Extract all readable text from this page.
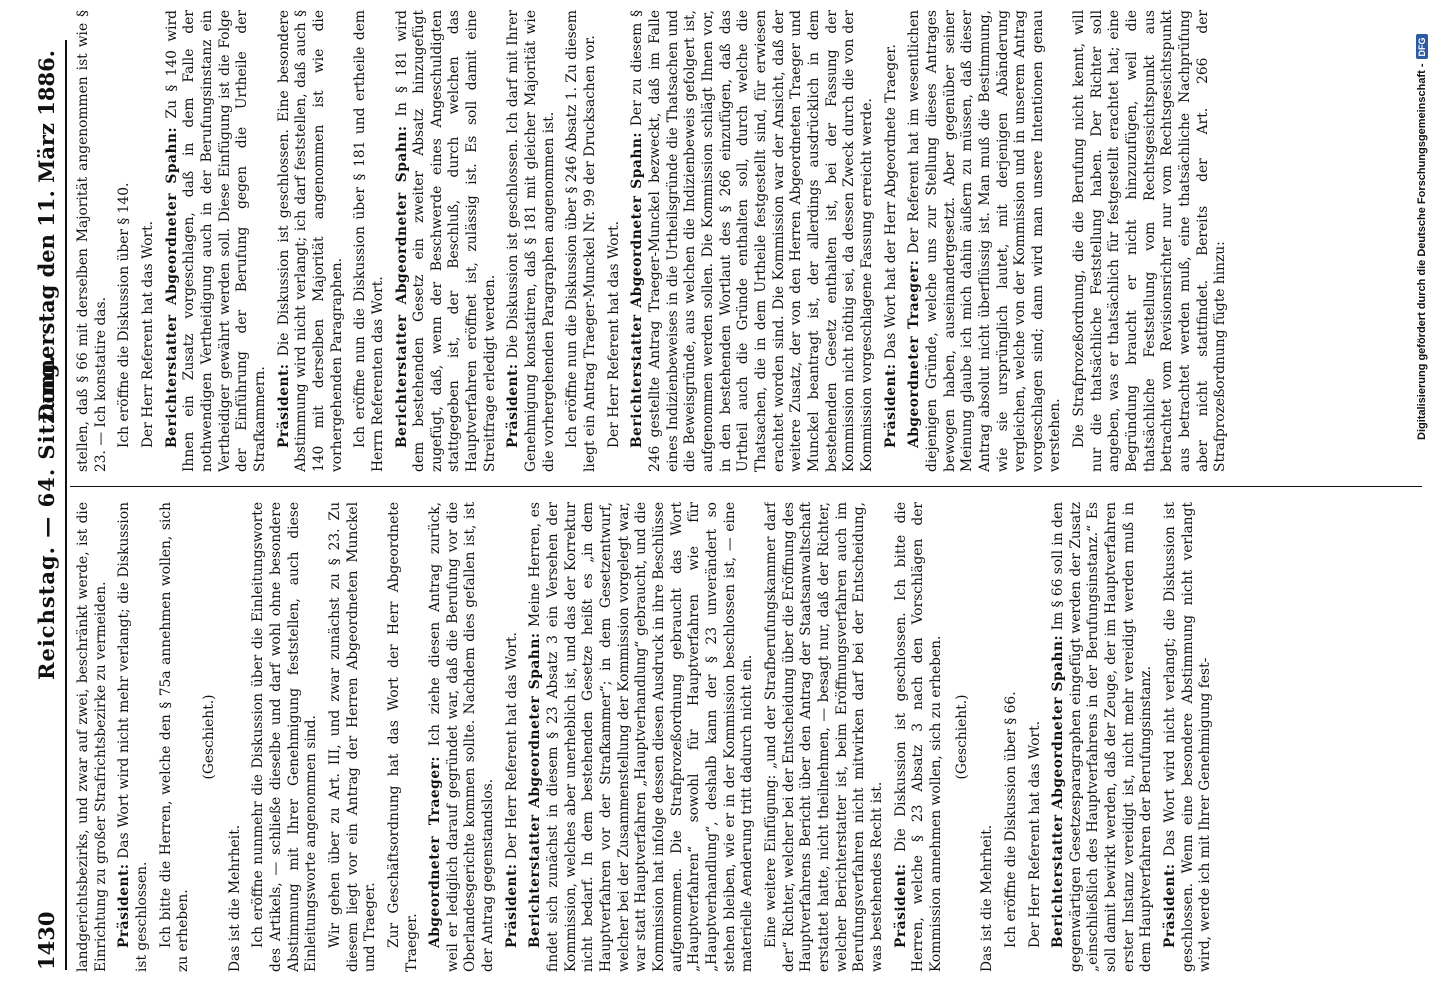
1430
Reichstag. — 64. Sitzung.
Donnerstag den 11. März 1886.

landgerichtsbezirks, und zwar auf zwei, beschränkt werde, ist die Einrichtung zu großer Strafrichtsbezirke zu vermeiden. Präsident: Das Wort wird nicht mehr verlangt; die Diskussion ist geschlossen. Ich bitte die Herren, welche den § 75a annehmen wollen, sich zu erheben.

(Geschieht.)

Das ist die Mehrheit. Ich eröffne nunmehr die Diskussion über die Einleitungsworte des Artikels, — schließe dieselbe und darf wohl ohne besondere Abstimmung mit Ihrer Genehmigung feststellen, auch diese Einleitungsworte angenommen sind. Wir gehen über zu Art. III, und zwar zunächst zu § 23. Zu diesem liegt vor ein Antrag der Herren Abgeordneten Munckel und Traeger. Zur Geschäftsordnung hat das Wort der Herr Abgeordnete Traeger. Abgeordneter Traeger: Ich ziehe diesen Antrag zurück, weil er lediglich darauf gegründet war, daß die Berufung vor die Oberlandesgerichte kommen sollte. Nachdem dies gefallen ist, ist der Antrag gegenstandslos. Präsident: Der Herr Referent hat das Wort. Berichterstatter Abgeordneter Spahn: Meine Herren, es findet sich zunächst in diesem § 23 Absatz 3 ein Versehen der Kommission, welches aber unerheblich ist, und das der Korrektur nicht bedarf. In dem bestehenden Gesetze heißt es „in dem Hauptverfahren vor der Strafkammer“; in dem Gesetzentwurf, welcher bei der Zusammenstellung der Kommission vorgelegt war, war statt Hauptverfahren „Hauptverhandlung“ gebraucht, und die Kommission hat infolge dessen diesen Ausdruck in ihre Beschlüsse aufgenommen. Die Strafprozeßordnung gebraucht das Wort „Hauptverfahren“ sowohl für Hauptverfahren wie für „Hauptverhandlung“, deshalb kann der § 23 unverändert so stehen bleiben, wie er in der Kommission beschlossen ist, — eine materielle Aenderung tritt dadurch nicht ein. Eine weitere Einfügung: „und der Strafberufungskammer darf der“ Richter, welcher bei der Entscheidung über die Eröffnung des Hauptverfahrens Bericht über den Antrag der Staatsanwaltschaft erstattet hatte, nicht theilnehmen, — besagt nur, daß der Richter, welcher Berichterstatter ist, beim Eröffnungsverfahren auch im Berufungsverfahren nicht mitwirken darf bei der Entscheidung, was bestehendes Recht ist. Präsident: Die Diskussion ist geschlossen. Ich bitte die Herren, welche § 23 Absatz 3 nach den Vorschlägen der Kommission annehmen wollen, sich zu erheben. (Geschieht.)

Das ist die Mehrheit. Ich eröffne die Diskussion über § 66. Der Herr Referent hat das Wort. Berichterstatter Abgeordneter Spahn: Im § 66 soll in den gegenwärtigen Gesetzesparagraphen eingefügt werden der Zusatz „einschließlich des Hauptverfahrens in der Berufungsinstanz.“ Es soll damit bewirkt werden, daß der Zeuge, der im Hauptverfahren erster Instanz vereidigt ist, nicht mehr vereidigt werden muß in dem Hauptverfahren der Berufungsinstanz. Präsident: Das Wort wird nicht verlangt; die Diskussion ist geschlossen. Wenn eine besondere Abstimmung nicht verlangt wird, werde ich mit Ihrer Genehmigung fest-

stellen, daß § 66 mit derselben Majorität angenommen ist wie § 23. — Ich konstatire das. Ich eröffne die Diskussion über § 140. Der Herr Referent hat das Wort. Berichterstatter Abgeordneter Spahn: Zu § 140 wird Ihnen ein Zusatz vorgeschlagen, daß in dem Falle der nothwendigen Vertheidigung auch in der Berufungsinstanz ein Vertheidiger gewährt werden soll. Diese Einfügung ist die Folge der Einführung der Berufung gegen die Urtheile der Strafkammern. Präsident: Die Diskussion ist geschlossen. Eine besondere Abstimmung wird nicht verlangt; ich darf feststellen, daß auch § 140 mit derselben Majorität angenommen ist wie die vorhergehenden Paragraphen. Ich eröffne nun die Diskussion über § 181 und ertheile dem Herrn Referenten das Wort. Berichterstatter Abgeordneter Spahn: In § 181 wird dem bestehenden Gesetz ein zweiter Absatz hinzugefügt zugefügt, daß, wenn der Beschwerde eines Angeschuldigten stattgegeben ist, der Beschluß, durch welchen das Hauptverfahren eröffnet ist, zulässig ist. Es soll damit eine Streitfrage erledigt werden. Präsident: Die Diskussion ist geschlossen. Ich darf mit Ihrer Genehmigung konstatiren, daß § 181 mit gleicher Majorität wie die vorhergehenden Paragraphen angenommen ist. Ich eröffne nun die Diskussion über § 246 Absatz 1. Zu diesem liegt ein Antrag Traeger-Munckel Nr. 99 der Drucksachen vor. Der Herr Referent hat das Wort. Berichterstatter Abgeordneter Spahn: Der zu diesem § 246 gestellte Antrag Traeger-Munckel bezweckt, daß im Falle eines Indizienbeweises in die Urtheilsgründe die Thatsachen und die Beweisgründe, aus welchen die Indizienbeweis gefolgert ist, aufgenommen werden sollen. Die Kommission schlägt Ihnen vor, in den bestehenden Wortlaut des § 266 einzufügen, daß das Urtheil auch die Gründe enthalten soll, durch welche die Thatsachen, die in dem Urtheile festgestellt sind, für erwiesen erachtet worden sind. Die Kommission war der Ansicht, daß der weitere Zusatz, der von den Herren Abgeordneten Traeger und Munckel beantragt ist, der allerdings ausdrücklich in dem bestehenden Gesetz enthalten ist, bei der Fassung der Kommission nicht nöthig sei, da dessen Zweck durch die von der Kommission vorgeschlagene Fassung erreicht werde. Präsident: Das Wort hat der Herr Abgeordnete Traeger. Abgeordneter Traeger: Der Referent hat im wesentlichen diejenigen Gründe, welche uns zur Stellung dieses Antrages bewogen haben, auseinandergesetzt. Aber gegenüber seiner Meinung glaube ich mich dahin äußern zu müssen, daß dieser Antrag absolut nicht überflüssig ist. Man muß die Bestimmung, wie sie ursprünglich lautet, mit derjenigen Abänderung vergleichen, welche von der Kommission und in unserem Antrag vorgeschlagen sind; dann wird man unsere Intentionen genau verstehen. Die Strafprozeßordnung, die die Berufung nicht kennt, will nur die thatsächliche Feststellung haben. Der Richter soll angeben, was er thatsächlich für festgestellt erachtet hat; eine Begründung braucht er nicht hinzuzufügen, weil die thatsächliche Feststellung vom Rechtsgesichtspunkt aus betrachtet vom Revisionsrichter nur vom Rechtsgesichtspunkt aus betrachtet werden muß, eine thatsächliche Nachprüfung aber nicht stattfindet. Bereits der Art. 266 der Strafprozeßordnung fügte hinzu:	Digitalisierung gefördert durch die Deutsche Forschungsgemeinschaft -DFG
